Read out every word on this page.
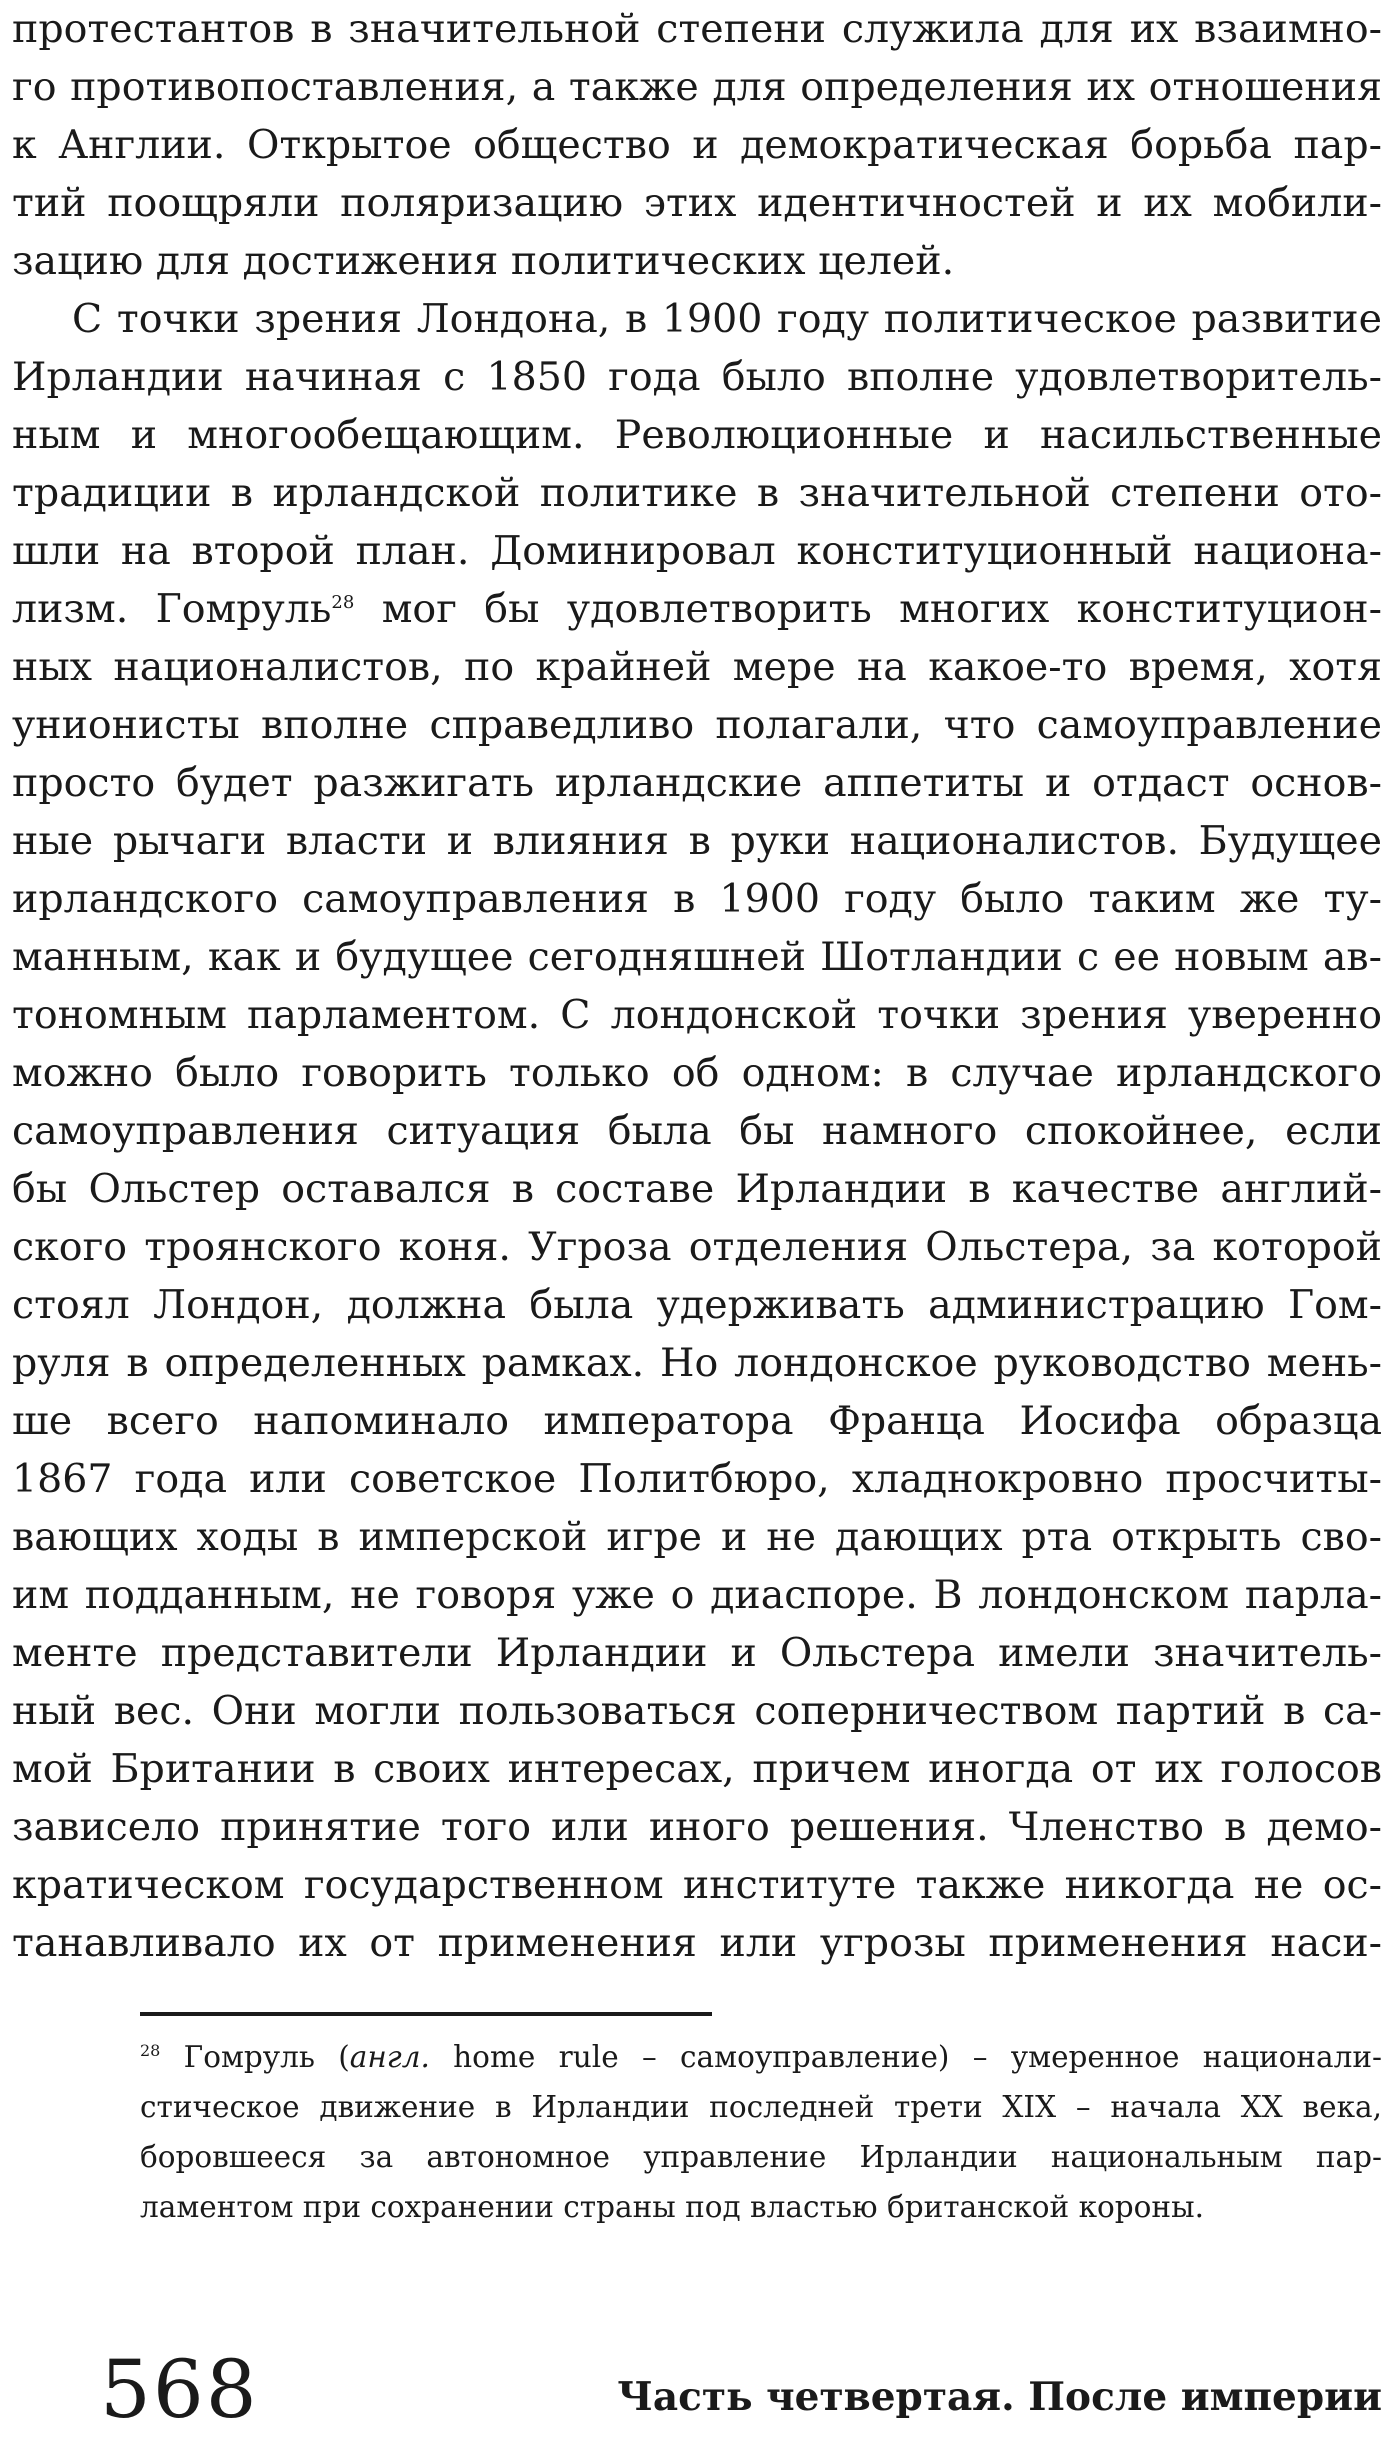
протестантов в значительной степени служила для их взаимно-
го противопоставления, а также для определения их отношения
к Англии. Открытое общество и демократическая борьба пар-
тий поощряли поляризацию этих идентичностей и их мобили-
зацию для достижения политических целей.
С точки зрения Лондона, в 1900 году политическое развитие
Ирландии начиная с 1850 года было вполне удовлетворитель-
ным и многообещающим. Революционные и насильственные
традиции в ирландской политике в значительной степени ото-
шли на второй план. Доминировал конституционный национа-
лизм. Гомруль$^{28}$ мог бы удовлетворить многих конституцион-
ных националистов, по крайней мере на какое-то время, хотя
унионисты вполне справедливо полагали, что самоуправление
просто будет разжигать ирландские аппетиты и отдаст основ-
ные рычаги власти и влияния в руки националистов. Будущее
ирландского самоуправления в 1900 году было таким же ту-
манным, как и будущее сегодняшней Шотландии с ее новым ав-
тономным парламентом. С лондонской точки зрения уверенно
можно было говорить только об одном: в случае ирландского
самоуправления ситуация была бы намного спокойнее, если
бы Ольстер оставался в составе Ирландии в качестве англий-
ского троянского коня. Угроза отделения Ольстера, за которой
стоял Лондон, должна была удерживать администрацию Гом-
руля в определенных рамках. Но лондонское руководство мень-
ше всего напоминало императора Франца Иосифа образца
1867 года или советское Политбюро, хладнокровно просчиты-
вающих ходы в имперской игре и не дающих рта открыть сво-
им подданным, не говоря уже о диаспоре. В лондонском парла-
менте представители Ирландии и Ольстера имели значитель-
ный вес. Они могли пользоваться соперничеством партий в са-
мой Британии в своих интересах, причем иногда от их голосов
зависело принятие того или иного решения. Членство в демо-
кратическом государственном институте также никогда не ос-
танавливало их от применения или угрозы применения наси-
$^{28}$ Гомруль (англ. home rule – самоуправление) – умеренное национали-
стическое движение в Ирландии последней трети XIX – начала XX века,
боровшееся за автономное управление Ирландии национальным пар-
ламентом при сохранении страны под властью британской короны.
568	Часть четвертая. После империи
